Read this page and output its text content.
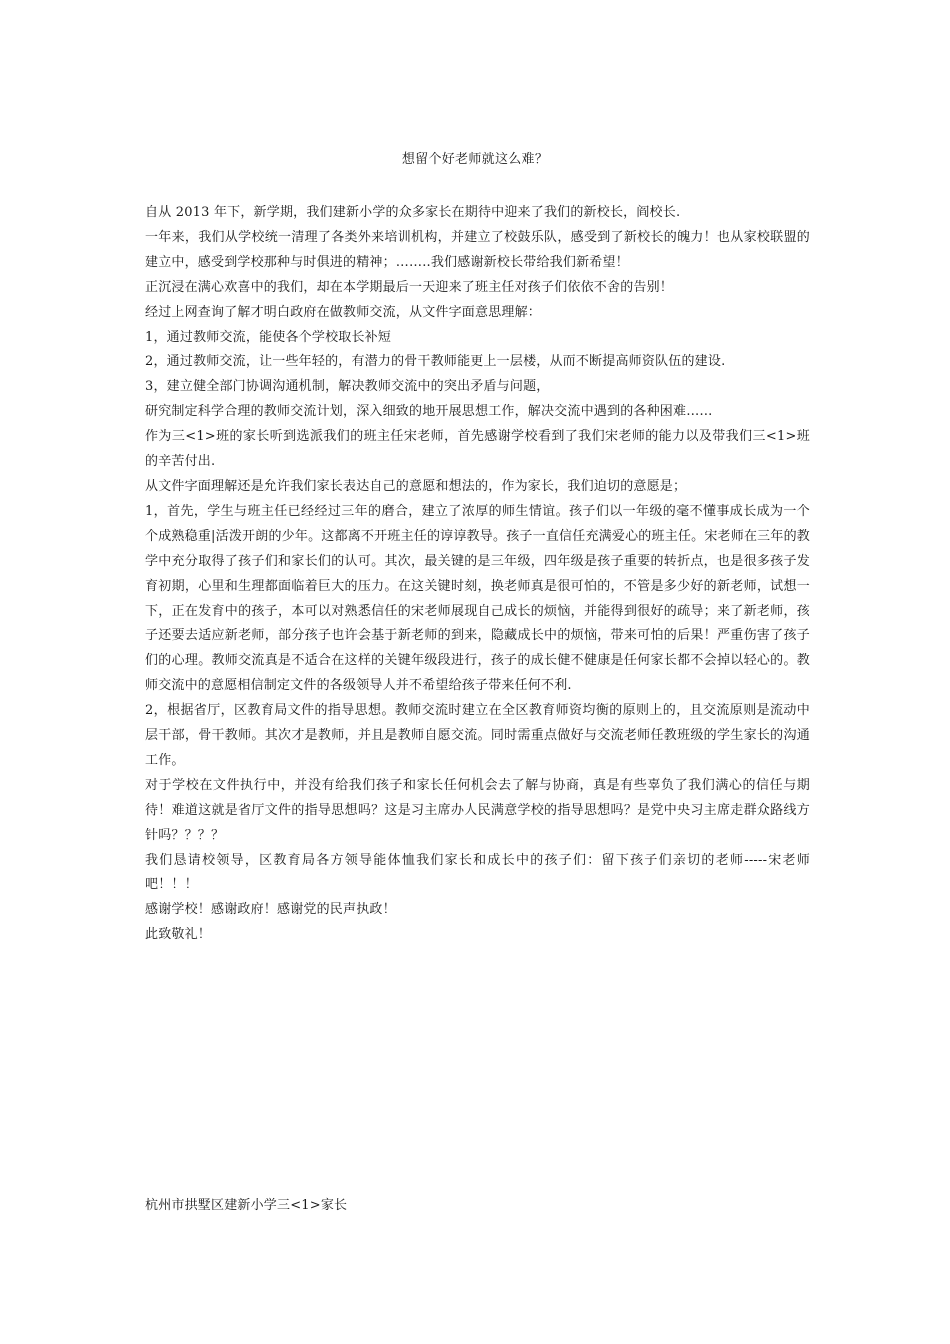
想留个好老师就这么难？

自从 2013 年下，新学期，我们建新小学的众多家长在期待中迎来了我们的新校长，阎校长.

一年来，我们从学校统一清理了各类外来培训机构，并建立了校鼓乐队，感受到了新校长的魄力！也从家校联盟的建立中，感受到学校那种与时俱进的精神；……..我们感谢新校长带给我们新希望！

正沉浸在满心欢喜中的我们，却在本学期最后一天迎来了班主任对孩子们依依不舍的告别！

经过上网查询了解才明白政府在做教师交流，从文件字面意思理解：

1，通过教师交流，能使各个学校取长补短

2，通过教师交流，让一些年轻的，有潜力的骨干教师能更上一层楼，从而不断提高师资队伍的建设.

3，建立健全部门协调沟通机制，解决教师交流中的突出矛盾与问题，

研究制定科学合理的教师交流计划，深入细致的地开展思想工作，解决交流中遇到的各种困难……

作为三<1>班的家长听到选派我们的班主任宋老师，首先感谢学校看到了我们宋老师的能力以及带我们三<1>班的辛苦付出.

从文件字面理解还是允许我们家长表达自己的意愿和想法的，作为家长，我们迫切的意愿是；

1，首先，学生与班主任已经经过三年的磨合，建立了浓厚的师生情谊。孩子们以一年级的毫不懂事成长成为一个个成熟稳重|活泼开朗的少年。这都离不开班主任的谆谆教导。孩子一直信任充满爱心的班主任。宋老师在三年的教学中充分取得了孩子们和家长们的认可。其次，最关键的是三年级，四年级是孩子重要的转折点，也是很多孩子发育初期，心里和生理都面临着巨大的压力。在这关键时刻，换老师真是很可怕的，不管是多少好的新老师，试想一下，正在发育中的孩子，本可以对熟悉信任的宋老师展现自己成长的烦恼，并能得到很好的疏导；来了新老师，孩子还要去适应新老师，部分孩子也许会基于新老师的到来，隐藏成长中的烦恼，带来可怕的后果！严重伤害了孩子们的心理。教师交流真是不适合在这样的关键年级段进行，孩子的成长健不健康是任何家长都不会掉以轻心的。教师交流中的意愿相信制定文件的各级领导人并不希望给孩子带来任何不利.

2，根据省厅，区教育局文件的指导思想。教师交流时建立在全区教育师资均衡的原则上的，且交流原则是流动中层干部，骨干教师。其次才是教师，并且是教师自愿交流。同时需重点做好与交流老师任教班级的学生家长的沟通工作。

对于学校在文件执行中，并没有给我们孩子和家长任何机会去了解与协商，真是有些辜负了我们满心的信任与期待！难道这就是省厅文件的指导思想吗？这是习主席办人民满意学校的指导思想吗？是党中央习主席走群众路线方针吗？？？？

我们恳请校领导，区教育局各方领导能体恤我们家长和成长中的孩子们：留下孩子们亲切的老师-----宋老师吧！！！

感谢学校！感谢政府！感谢党的民声执政！

此致敬礼！

杭州市拱墅区建新小学三<1>家长
